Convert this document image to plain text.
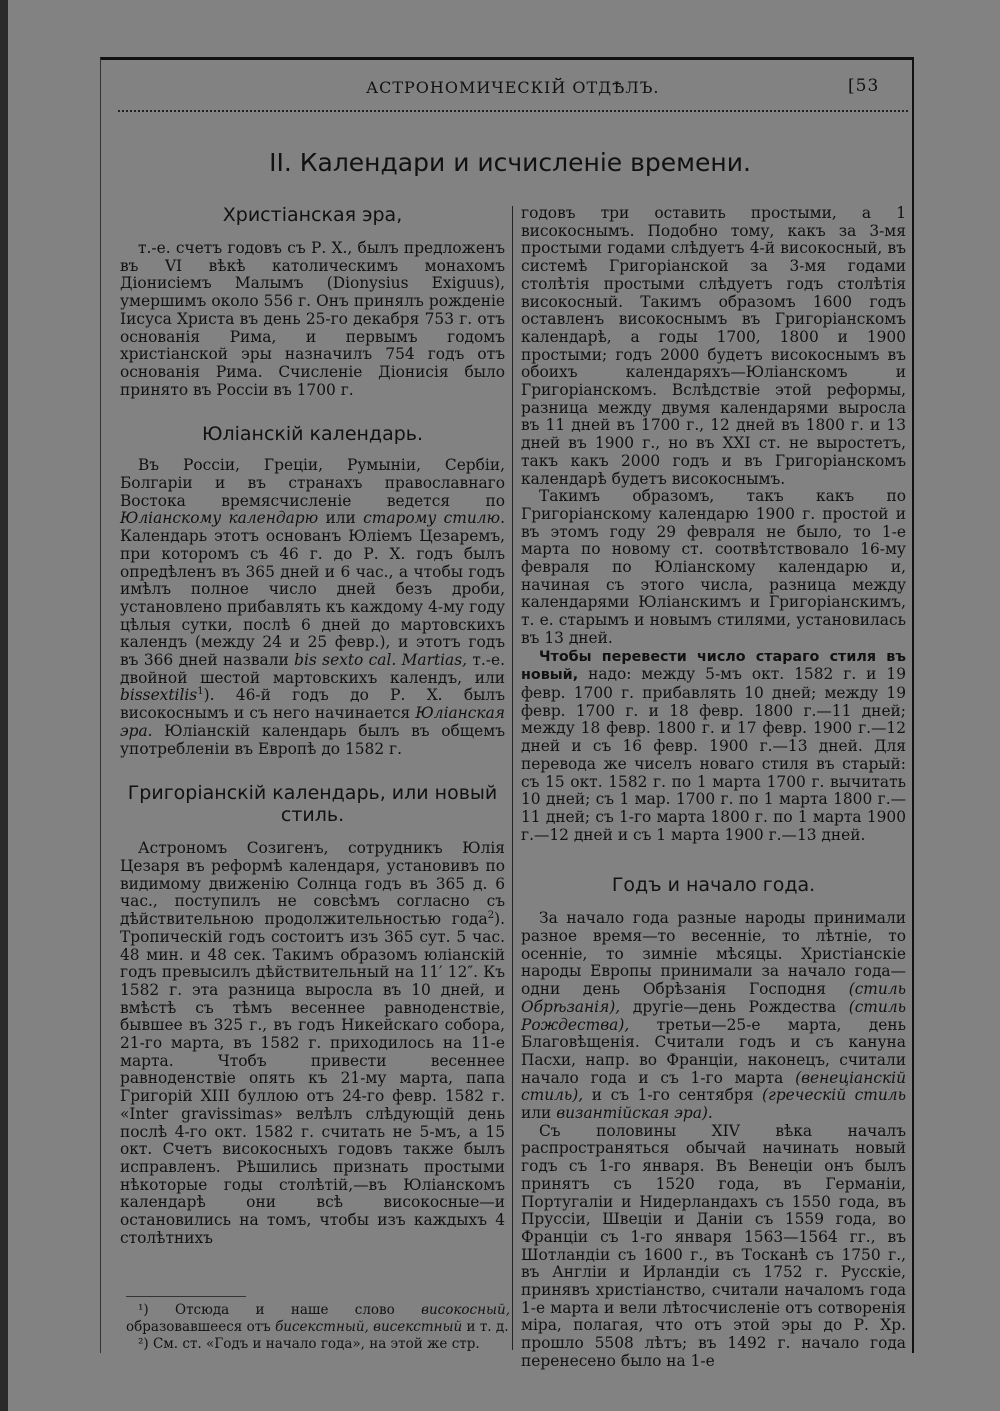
АСТРОНОМИЧЕСКІЙ ОТДѢЛЪ.	[53
II. Календари и исчисленіе времени.
Христіанская эра,

т.-е. счетъ годовъ съ Р. Х., былъ предложенъ въ VI вѣкѣ католическимъ монахомъ Діонисіемъ Малымъ (Dionysius Exiguus), умершимъ около 556 г. Онъ принялъ рожденіе Іисуса Христа въ день 25-го декабря 753 г. отъ основанія Рима, и первымъ годомъ христіанской эры назначилъ 754 годъ отъ основанія Рима. Счисленіе Діонисія было принято въ Россіи въ 1700 г.

Юліанскій календарь.

Въ Россіи, Греціи, Румыніи, Сербіи, Болгаріи и въ странахъ православнаго Востока времясчисленіе ведется по Юліанскому календарю или старому стилю. Календарь этотъ основанъ Юліемъ Цезаремъ, при которомъ съ 46 г. до Р. Х. годъ былъ опредѣленъ въ 365 дней и 6 час., а чтобы годъ имѣлъ полное число дней безъ дроби, установлено прибавлять къ каждому 4-му году цѣлыя сутки, послѣ 6 дней до мартовскихъ календъ (между 24 и 25 февр.), и этотъ годъ въ 366 дней назвали bis sexto cal. Martias, т.-е. двойной шестой мартовскихъ календъ, или bissextilis$^1$). 46-й годъ до Р. Х. былъ високоснымъ и съ него начинается Юліанская эра. Юліанскій календарь былъ въ общемъ употребленіи въ Европѣ до 1582 г.

Григоріанскій календарь, или новый стиль.

Астрономъ Созигенъ, сотрудникъ Юлія Цезаря въ реформѣ календаря, установивъ по видимому движенію Солнца годъ въ 365 д. 6 час., поступилъ не совсѣмъ согласно съ дѣйствительною продолжительностью года$^2$). Тропическій годъ состоитъ изъ 365 сут. 5 час. 48 мин. и 48 сек. Такимъ образомъ юліанскій годъ превысилъ дѣйствительный на 11′ 12″. Къ 1582 г. эта разница выросла въ 10 дней, и вмѣстѣ съ тѣмъ весеннее равноденствіе, бывшее въ 325 г., въ годъ Никейскаго собора, 21-го марта, въ 1582 г. приходилось на 11-е марта. Чтобъ привести весеннее равноденствіе опять къ 21-му марта, папа Григорій XIII буллою отъ 24-го февр. 1582 г. «Inter gravissimas» велѣлъ слѣдующій день послѣ 4-го окт. 1582 г. считать не 5-мъ, а 15 окт. Счетъ високосныхъ годовъ также былъ исправленъ. Рѣшились признать простыми нѣкоторые годы столѣтій,—въ Юліанскомъ календарѣ они всѣ високосные—и остановились на томъ, чтобы изъ каждыхъ 4 столѣтнихъ

¹) Отсюда и наше слово високосный, образовавшееся отъ бисекстный, висекстный и т. д.

²) См. ст. «Годъ и начало года», на этой же стр.

годовъ три оставить простыми, а 1 високоснымъ. Подобно тому, какъ за 3-мя простыми годами слѣдуетъ 4-й високосный, въ системѣ Григоріанской за 3-мя годами столѣтія простыми слѣдуетъ годъ столѣтія високосный. Такимъ образомъ 1600 годъ оставленъ високоснымъ въ Григоріанскомъ календарѣ, а годы 1700, 1800 и 1900 простыми; годъ 2000 будетъ високоснымъ въ обоихъ календаряхъ—Юліанскомъ и Григоріанскомъ. Вслѣдствіе этой реформы, разница между двумя календарями выросла въ 11 дней въ 1700 г., 12 дней въ 1800 г. и 13 дней въ 1900 г., но въ XXI ст. не выростетъ, такъ какъ 2000 годъ и въ Григоріанскомъ календарѣ будетъ високоснымъ.

Такимъ образомъ, такъ какъ по Григоріанскому календарю 1900 г. простой и въ этомъ году 29 февраля не было, то 1-е марта по новому ст. соотвѣтствовало 16-му февраля по Юліанскому календарю и, начиная съ этого числа, разница между календарями Юліанскимъ и Григоріанскимъ, т. е. старымъ и новымъ стилями, установилась въ 13 дней.

Чтобы перевести число стараго стиля въ новый, надо: между 5-мъ окт. 1582 г. и 19 февр. 1700 г. прибавлять 10 дней; между 19 февр. 1700 г. и 18 февр. 1800 г.—11 дней; между 18 февр. 1800 г. и 17 февр. 1900 г.—12 дней и съ 16 февр. 1900 г.—13 дней. Для перевода же чиселъ новаго стиля въ старый: съ 15 окт. 1582 г. по 1 марта 1700 г. вычитать 10 дней; съ 1 мар. 1700 г. по 1 марта 1800 г.—11 дней; съ 1-го марта 1800 г. по 1 марта 1900 г.—12 дней и съ 1 марта 1900 г.—13 дней.

Годъ и начало года.

За начало года разные народы принимали разное время—то весеннiе, то лѣтніе, то осенніе, то зимніе мѣсяцы. Христіанскіе народы Европы принимали за начало года—одни день Обрѣзанія Господня (стиль Обрѣзанія), другіе—день Рождества (стиль Рождества), третьи—25-е марта, день Благовѣщенія. Считали годъ и съ кануна Пасхи, напр. во Франціи, наконецъ, считали начало года и съ 1-го марта (венеціанскій стиль), и съ 1-го сентября (греческій стиль или византійская эра).

Съ половины XIV вѣка началъ распространяться обычай начинать новый годъ съ 1-го января. Въ Венеціи онъ былъ принятъ съ 1520 года, въ Германіи, Португаліи и Нидерландахъ съ 1550 года, въ Пруссіи, Швеціи и Даніи съ 1559 года, во Франціи съ 1-го января 1563—1564 гг., въ Шотландіи съ 1600 г., въ Тосканѣ съ 1750 г., въ Англіи и Ирландіи съ 1752 г. Русскіе, принявъ христіанство, считали началомъ года 1-е марта и вели лѣтосчисленіе отъ сотворенія міра, полагая, что отъ этой эры до Р. Хр. прошло 5508 лѣтъ; въ 1492 г. начало года перенесено было на 1-е
